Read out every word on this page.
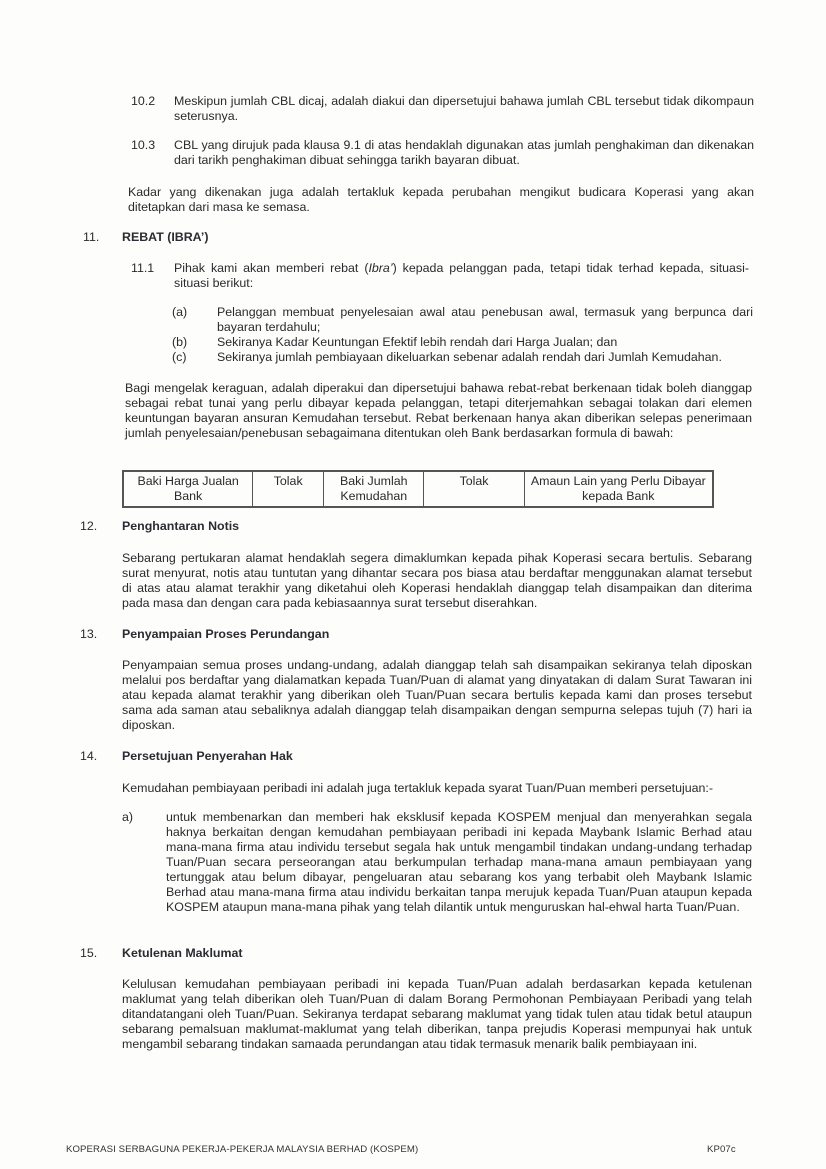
10.2 Meskipun jumlah CBL dicaj, adalah diakui dan dipersetujui bahawa jumlah CBL tersebut tidak dikompaun seterusnya.
10.3 CBL yang dirujuk pada klausa 9.1 di atas hendaklah digunakan atas jumlah penghakiman dan dikenakan dari tarikh penghakiman dibuat sehingga tarikh bayaran dibuat.
Kadar yang dikenakan juga adalah tertakluk kepada perubahan mengikut budicara Koperasi yang akan ditetapkan dari masa ke semasa.
11. REBAT (IBRA’)
11.1 Pihak kami akan memberi rebat (Ibra’) kepada pelanggan pada, tetapi tidak terhad kepada, situasi-situasi berikut:
(a) Pelanggan membuat penyelesaian awal atau penebusan awal, termasuk yang berpunca dari bayaran terdahulu;
(b) Sekiranya Kadar Keuntungan Efektif lebih rendah dari Harga Jualan; dan
(c) Sekiranya jumlah pembiayaan dikeluarkan sebenar adalah rendah dari Jumlah Kemudahan.
Bagi mengelak keraguan, adalah diperakui dan dipersetujui bahawa rebat-rebat berkenaan tidak boleh dianggap sebagai rebat tunai yang perlu dibayar kepada pelanggan, tetapi diterjemahkan sebagai tolakan dari elemen keuntungan bayaran ansuran Kemudahan tersebut. Rebat berkenaan hanya akan diberikan selepas penerimaan jumlah penyelesaian/penebusan sebagaimana ditentukan oleh Bank berdasarkan formula di bawah:
Baki Harga Jualan Bank	Tolak	Baki Jumlah Kemudahan	Tolak	Amaun Lain yang Perlu Dibayar kepada Bank
12. Penghantaran Notis
Sebarang pertukaran alamat hendaklah segera dimaklumkan kepada pihak Koperasi secara bertulis. Sebarang surat menyurat, notis atau tuntutan yang dihantar secara pos biasa atau berdaftar menggunakan alamat tersebut di atas atau alamat terakhir yang diketahui oleh Koperasi hendaklah dianggap telah disampaikan dan diterima pada masa dan dengan cara pada kebiasaannya surat tersebut diserahkan.
13. Penyampaian Proses Perundangan
Penyampaian semua proses undang-undang, adalah dianggap telah sah disampaikan sekiranya telah diposkan melalui pos berdaftar yang dialamatkan kepada Tuan/Puan di alamat yang dinyatakan di dalam Surat Tawaran ini atau kepada alamat terakhir yang diberikan oleh Tuan/Puan secara bertulis kepada kami dan proses tersebut sama ada saman atau sebaliknya adalah dianggap telah disampaikan dengan sempurna selepas tujuh (7) hari ia diposkan.
14. Persetujuan Penyerahan Hak
Kemudahan pembiayaan peribadi ini adalah juga tertakluk kepada syarat Tuan/Puan memberi persetujuan:-
a)	untuk membenarkan dan memberi hak eksklusif kepada KOSPEM menjual dan menyerahkan segala haknya berkaitan dengan kemudahan pembiayaan peribadi ini kepada Maybank Islamic Berhad atau mana-mana firma atau individu tersebut segala hak untuk mengambil tindakan undang-undang terhadap Tuan/Puan secara perseorangan atau berkumpulan terhadap mana-mana amaun pembiayaan yang tertunggak atau belum dibayar, pengeluaran atau sebarang kos yang terbabit oleh Maybank Islamic Berhad atau mana-mana firma atau individu berkaitan tanpa merujuk kepada Tuan/Puan ataupun kepada KOSPEM ataupun mana-mana pihak yang telah dilantik untuk menguruskan hal-ehwal harta Tuan/Puan.
15. Ketulenan Maklumat
Kelulusan kemudahan pembiayaan peribadi ini kepada Tuan/Puan adalah berdasarkan kepada ketulenan maklumat yang telah diberikan oleh Tuan/Puan di dalam Borang Permohonan Pembiayaan Peribadi yang telah ditandatangani oleh Tuan/Puan. Sekiranya terdapat sebarang maklumat yang tidak tulen atau tidak betul ataupun sebarang pemalsuan maklumat-maklumat yang telah diberikan, tanpa prejudis Koperasi mempunyai hak untuk mengambil sebarang tindakan samaada perundangan atau tidak termasuk menarik balik pembiayaan ini.
KOPERASI SERBAGUNA PEKERJA-PEKERJA MALAYSIA BERHAD (KOSPEM)	KP07c
